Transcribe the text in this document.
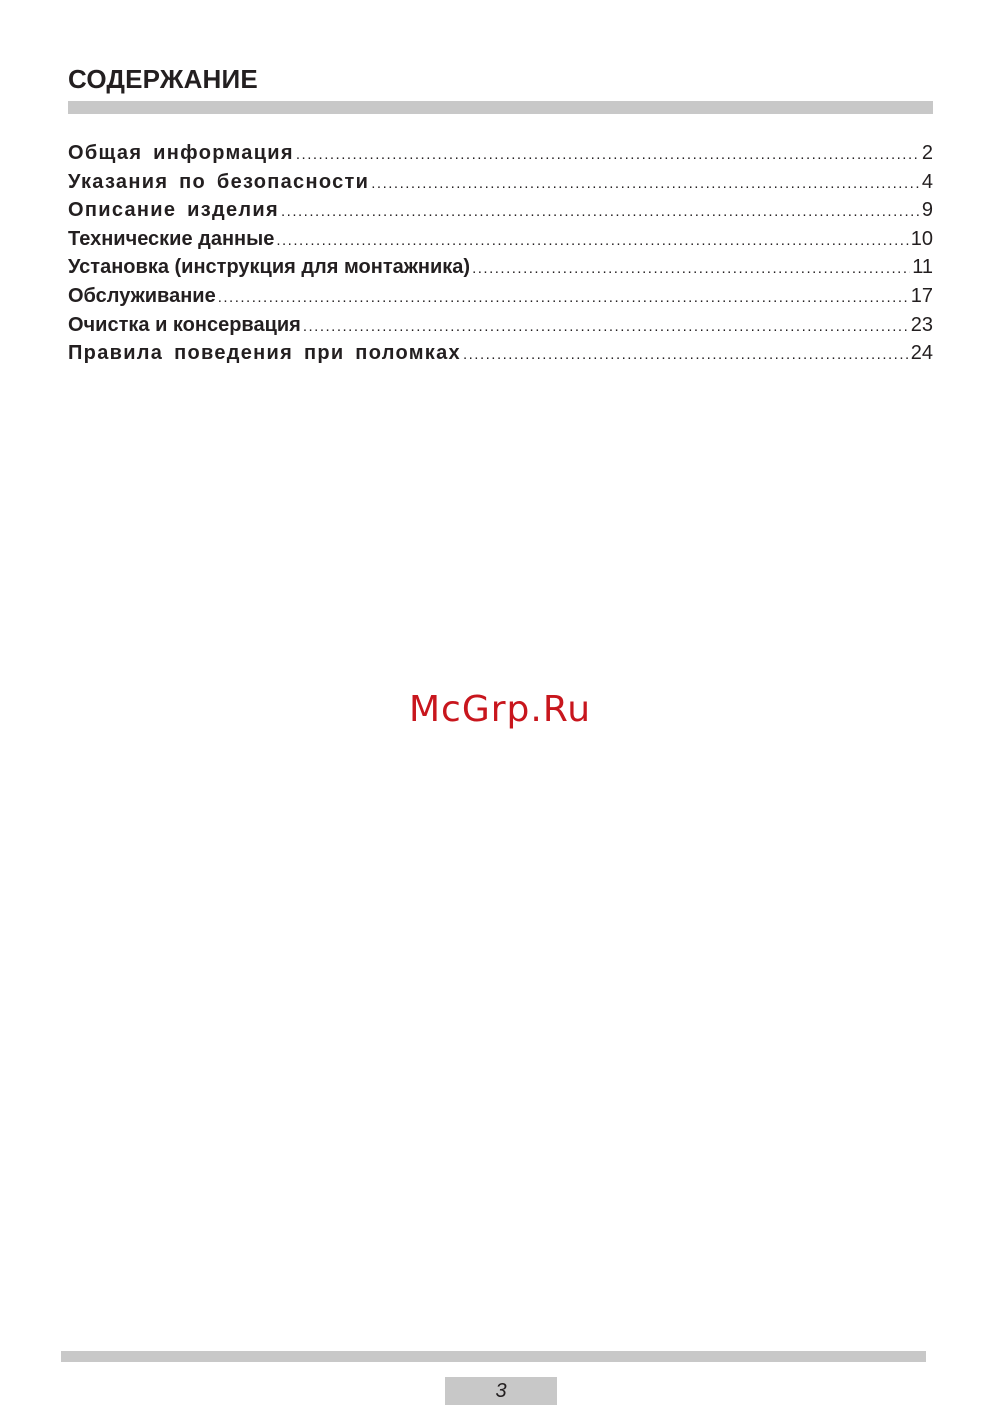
СОДЕРЖАНИЕ
Общая информация .....	2
Указания по безопасности .....	4
Описание изделия .....	9
Технические данные .....	10
Установка (инструкция для монтажника) .....	11
Обслуживание .....	17
Очистка и консервация .....	23
Правила поведения при поломках .....	24
McGrp.Ru
3
